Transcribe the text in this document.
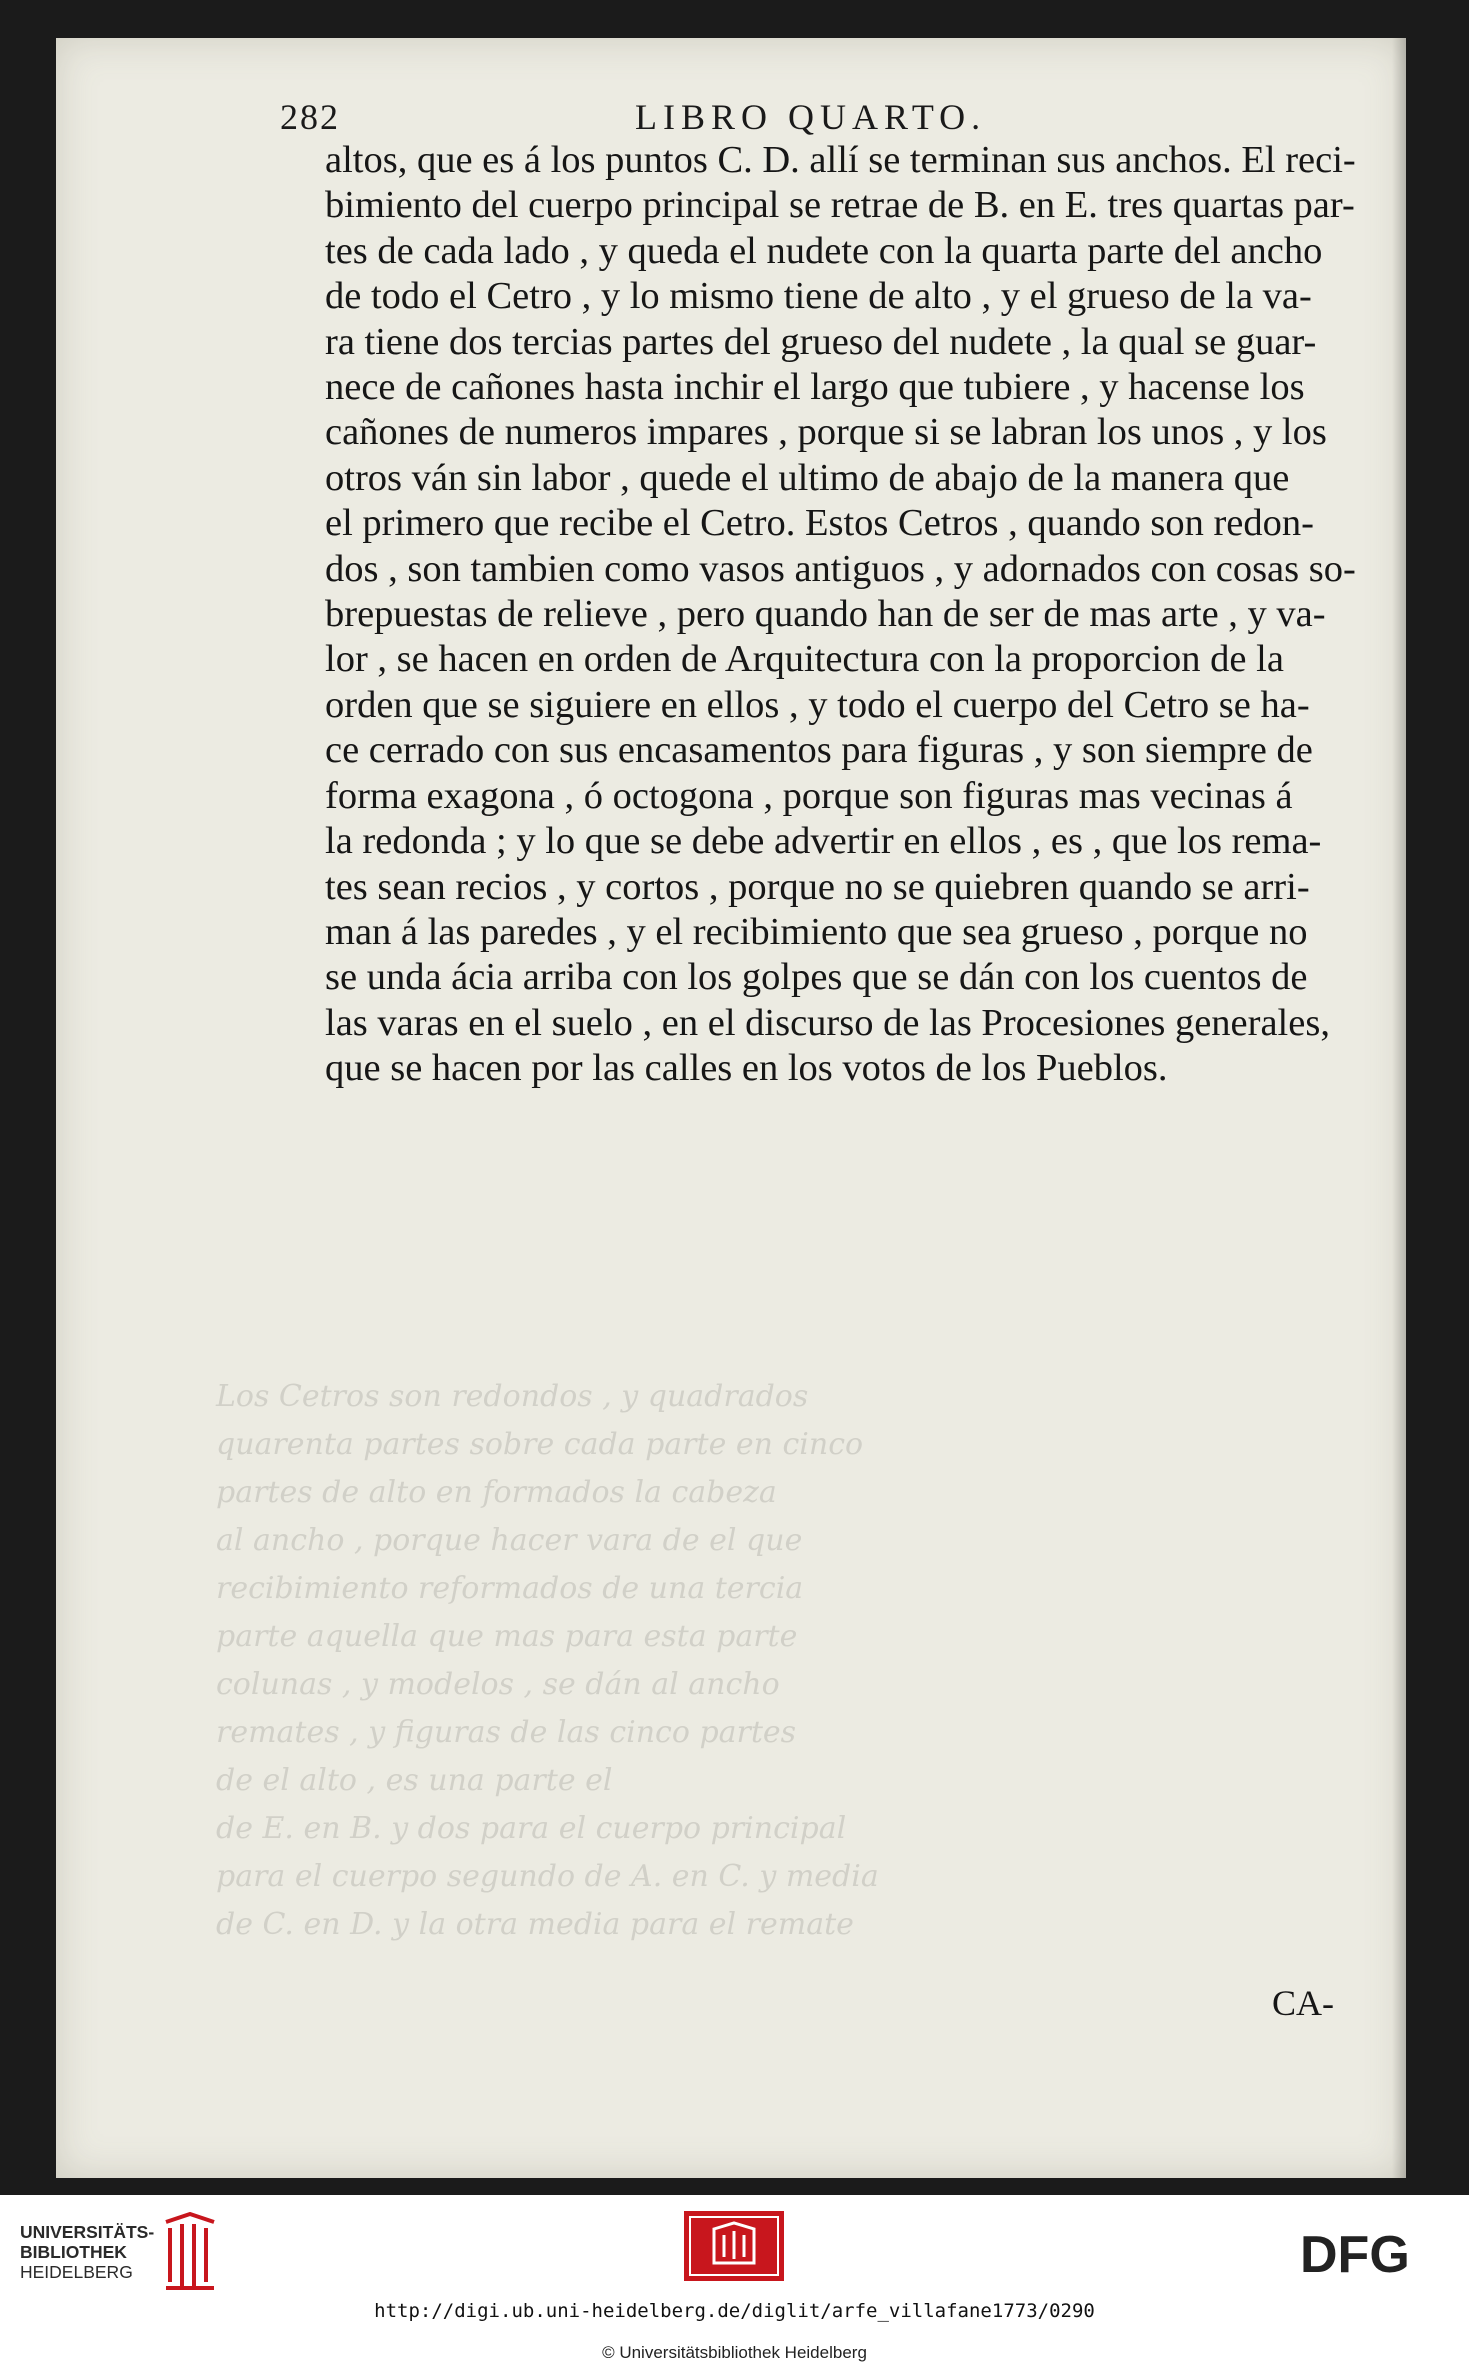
Los Cetros son redondos , y quadrados
quarenta partes sobre cada parte en cinco
partes de alto en formados la cabeza
al ancho , porque hacer vara de el que
recibimiento reformados de una tercia
parte aquella que mas para esta parte
colunas , y modelos , se dán al ancho
remates , y figuras de las cinco partes
de el alto , es una parte el
de E. en B. y dos para el cuerpo principal
para el cuerpo segundo de A. en C. y media
de C. en D. y la otra media para el remate
282	LIBRO QUARTO.

altos, que es á los puntos C. D. allí se terminan sus anchos. El reci-

bimiento del cuerpo principal se retrae de B. en E. tres quartas par-

tes de cada lado , y queda el nudete con la quarta parte del ancho

de todo el Cetro , y lo mismo tiene de alto , y el grueso de la va-

ra tiene dos tercias partes del grueso del nudete , la qual se guar-

nece de cañones hasta inchir el largo que tubiere , y hacense los

cañones de numeros impares , porque si se labran los unos , y los

otros ván sin labor , quede el ultimo de abajo de la manera que

el primero que recibe el Cetro. Estos Cetros , quando son redon-

dos , son tambien como vasos antiguos , y adornados con cosas so-

brepuestas de relieve , pero quando han de ser de mas arte , y va-

lor , se hacen en orden de Arquitectura con la proporcion de la

orden que se siguiere en ellos , y todo el cuerpo del Cetro se ha-

ce cerrado con sus encasamentos para figuras , y son siempre de

forma exagona , ó octogona , porque son figuras mas vecinas á

la redonda ; y lo que se debe advertir en ellos , es , que los rema-

tes sean recios , y cortos , porque no se quiebren quando se arri-

man á las paredes , y el recibimiento que sea grueso , porque no

se unda ácia arriba con los golpes que se dán con los cuentos de

las varas en el suelo , en el discurso de las Procesiones generales,

que se hacen por las calles en los votos de los Pueblos.

CA-
UNIVERSITÄTS-
BIBLIOTHEK
HEIDELBERG	DFG
http://digi.ub.uni-heidelberg.de/diglit/arfe_villafane1773/0290
© Universitätsbibliothek Heidelberg
